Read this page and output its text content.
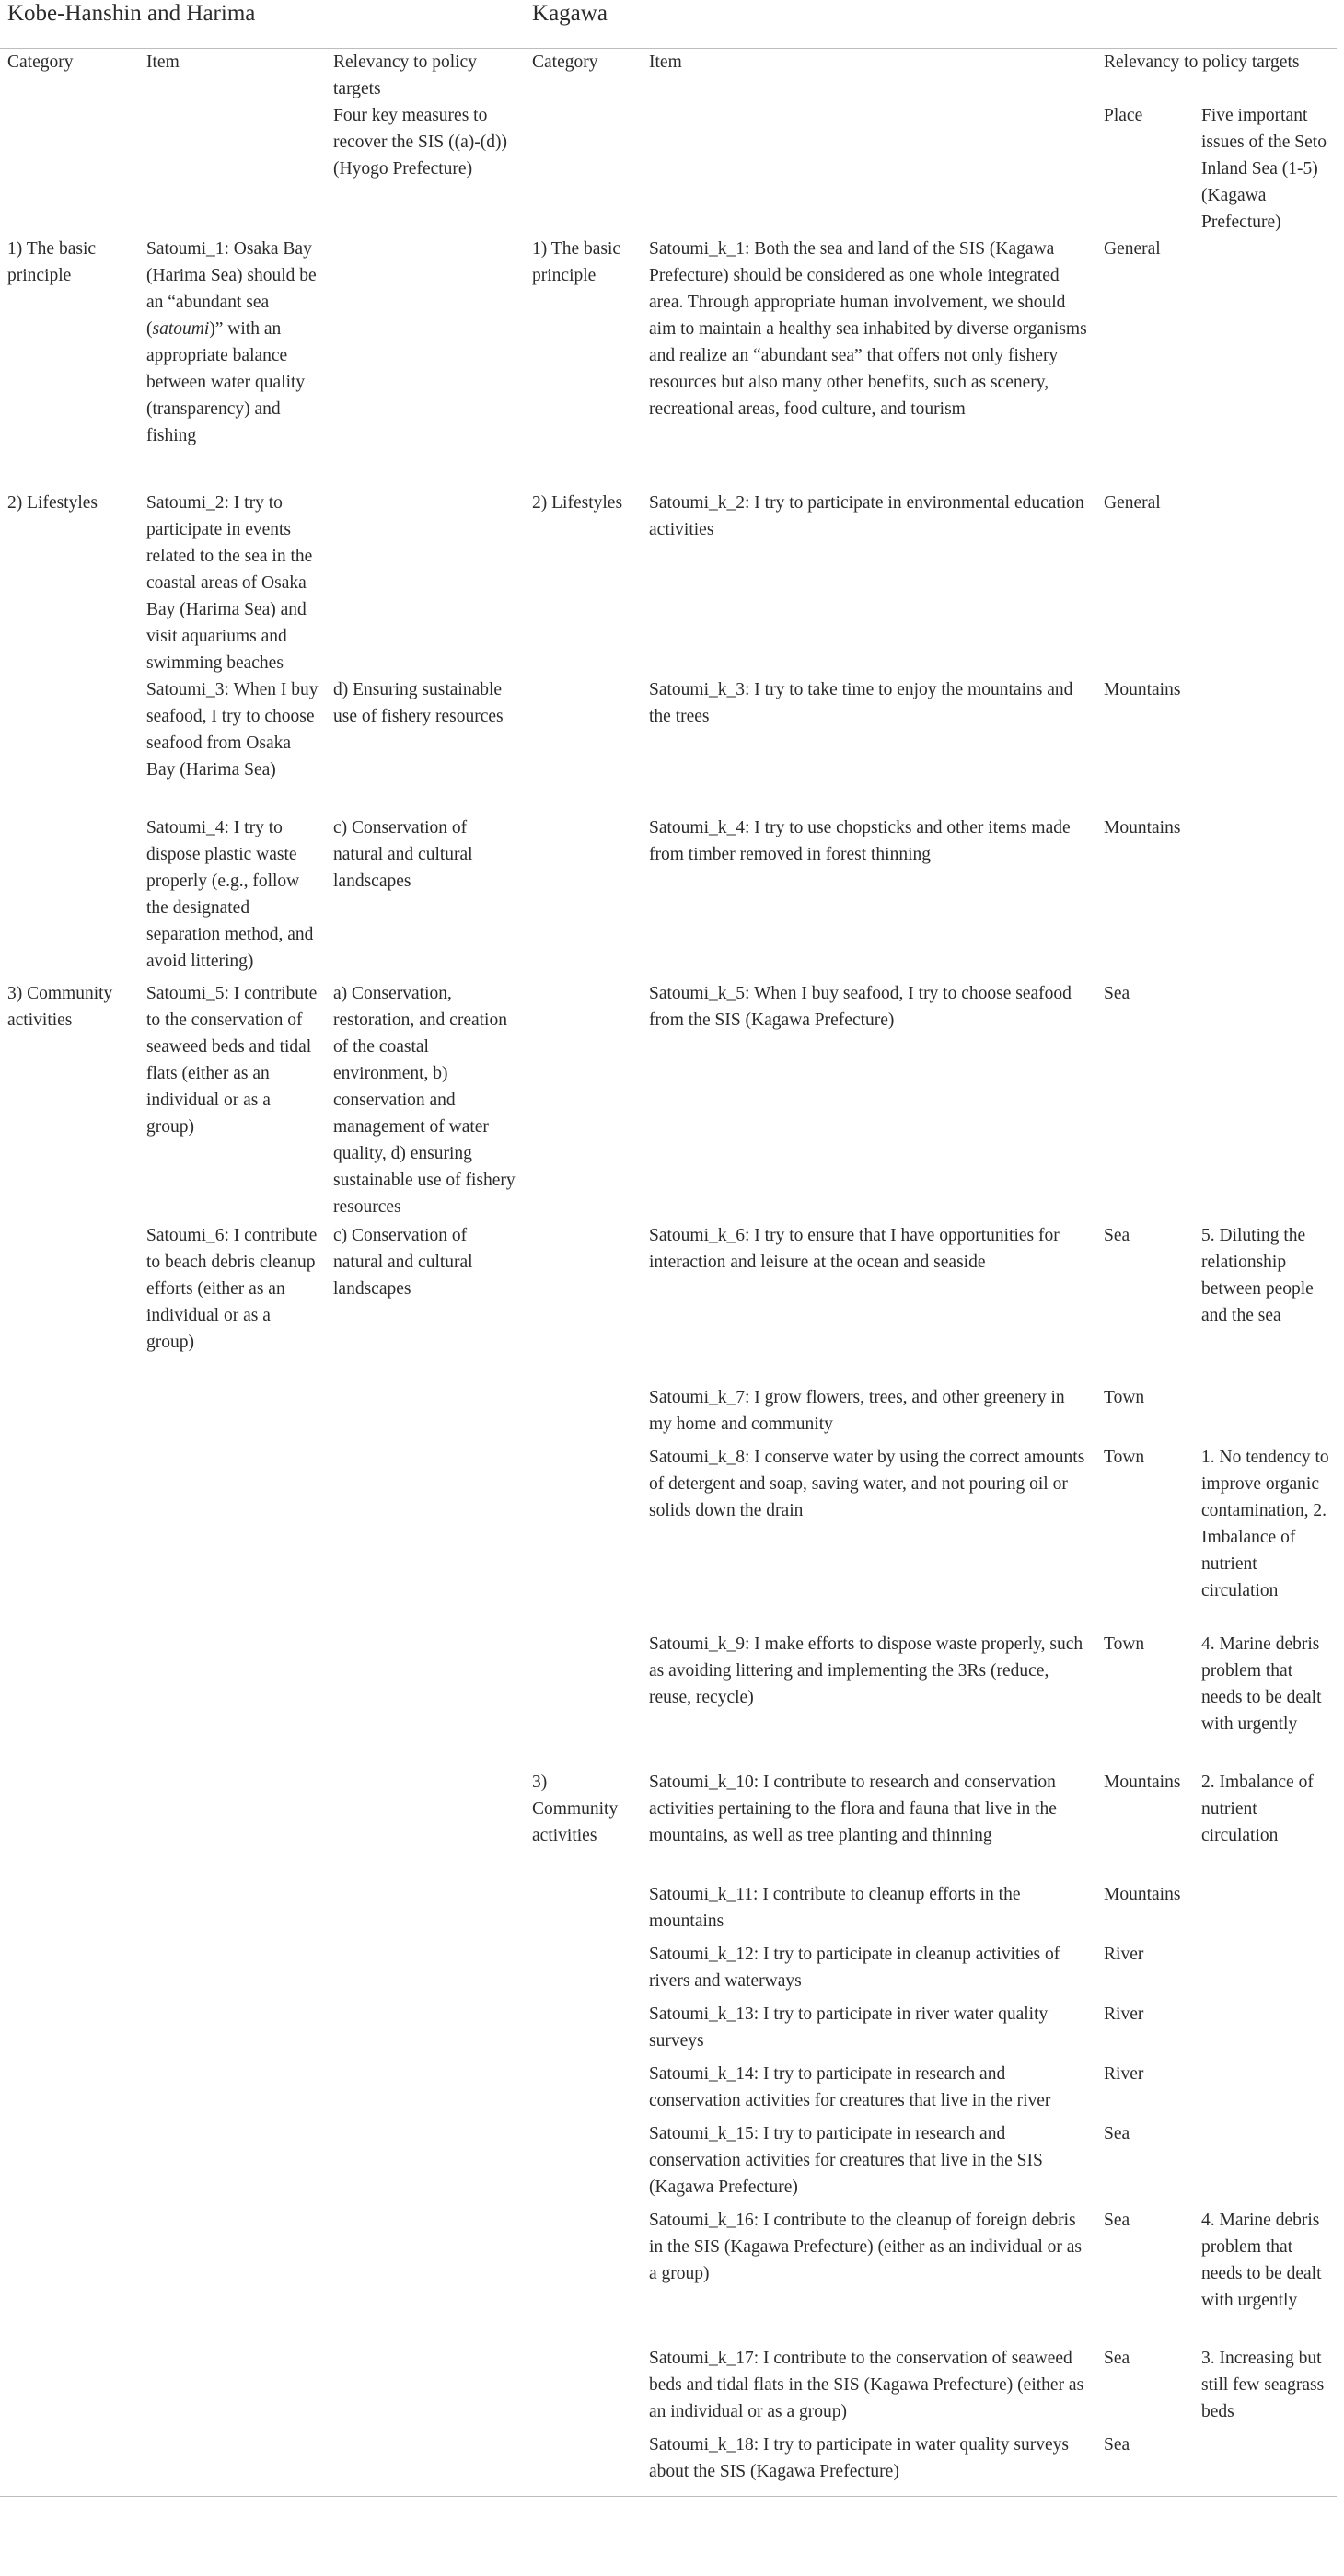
Kobe-Hanshin and Harima			Kagawa			
Category	Item	Relevancy to policy targets	Category	Item	Relevancy to policy targets	
		Four key measures to recover the SIS ((a)-(d)) (Hyogo Prefecture)			Place	Five important issues of the Seto Inland Sea (1-5) (Kagawa Prefecture)
1) The basic principle	Satoumi_1: Osaka Bay (Harima Sea) should be an “abundant sea (satoumi)” with an appropriate balance between water quality (transparency) and fishing		1) The basic principle	Satoumi_k_1: Both the sea and land of the SIS (Kagawa Prefecture) should be considered as one whole integrated area. Through appropriate human involvement, we should aim to maintain a healthy sea inhabited by diverse organisms and realize an “abundant sea” that offers not only fishery resources but also many other benefits, such as scenery, recreational areas, food culture, and tourism	General	
2) Lifestyles	Satoumi_2: I try to participate in events related to the sea in the coastal areas of Osaka Bay (Harima Sea) and visit aquariums and swimming beaches		2) Lifestyles	Satoumi_k_2: I try to participate in environmental education activities	General	
	Satoumi_3: When I buy seafood, I try to choose seafood from Osaka Bay (Harima Sea)	d) Ensuring sustainable use of fishery resources		Satoumi_k_3: I try to take time to enjoy the mountains and the trees	Mountains	
	Satoumi_4: I try to dispose plastic waste properly (e.g., follow the designated separation method, and avoid littering)	c) Conservation of natural and cultural landscapes		Satoumi_k_4: I try to use chopsticks and other items made from timber removed in forest thinning	Mountains	
3) Community activities	Satoumi_5: I contribute to the conservation of seaweed beds and tidal flats (either as an individual or as a group)	a) Conservation, restoration, and creation of the coastal environment, b) conservation and management of water quality, d) ensuring sustainable use of fishery resources		Satoumi_k_5: When I buy seafood, I try to choose seafood from the SIS (Kagawa Prefecture)	Sea	
	Satoumi_6: I contribute to beach debris cleanup efforts (either as an individual or as a group)	c) Conservation of natural and cultural landscapes		Satoumi_k_6: I try to ensure that I have opportunities for interaction and leisure at the ocean and seaside	Sea	5. Diluting the relationship between people and the sea
				Satoumi_k_7: I grow flowers, trees, and other greenery in my home and community	Town	
				Satoumi_k_8: I conserve water by using the correct amounts of detergent and soap, saving water, and not pouring oil or solids down the drain	Town	1. No tendency to improve organic contamination, 2. Imbalance of nutrient circulation
				Satoumi_k_9: I make efforts to dispose waste properly, such as avoiding littering and implementing the 3Rs (reduce, reuse, recycle)	Town	4. Marine debris problem that needs to be dealt with urgently
			3) Community activities	Satoumi_k_10: I contribute to research and conservation activities pertaining to the flora and fauna that live in the mountains, as well as tree planting and thinning	Mountains	2. Imbalance of nutrient circulation
				Satoumi_k_11: I contribute to cleanup efforts in the mountains	Mountains	
				Satoumi_k_12: I try to participate in cleanup activities of rivers and waterways	River	
				Satoumi_k_13: I try to participate in river water quality surveys	River	
				Satoumi_k_14: I try to participate in research and conservation activities for creatures that live in the river	River	
				Satoumi_k_15: I try to participate in research and conservation activities for creatures that live in the SIS (Kagawa Prefecture)	Sea	
				Satoumi_k_16: I contribute to the cleanup of foreign debris in the SIS (Kagawa Prefecture) (either as an individual or as a group)	Sea	4. Marine debris problem that needs to be dealt with urgently
				Satoumi_k_17: I contribute to the conservation of seaweed beds and tidal flats in the SIS (Kagawa Prefecture) (either as an individual or as a group)	Sea	3. Increasing but still few seagrass beds
				Satoumi_k_18: I try to participate in water quality surveys about the SIS (Kagawa Prefecture)	Sea	
